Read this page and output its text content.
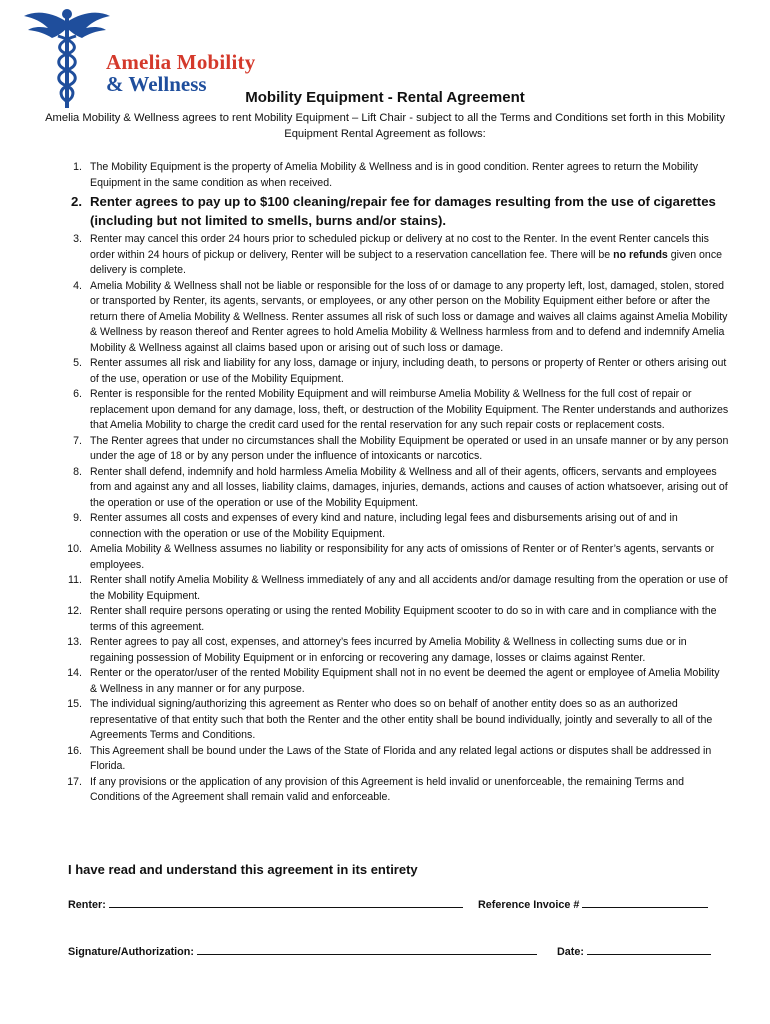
Amelia Mobility
& Wellness
Mobility Equipment - Rental Agreement
Amelia Mobility & Wellness agrees to rent Mobility Equipment – Lift Chair - subject to all the Terms and Conditions set forth in this Mobility Equipment Rental Agreement as follows:
1. The Mobility Equipment is the property of Amelia Mobility & Wellness and is in good condition. Renter agrees to return the Mobility Equipment in the same condition as when received.
2. Renter agrees to pay up to $100 cleaning/repair fee for damages resulting from the use of cigarettes (including but not limited to smells, burns and/or stains).
3. Renter may cancel this order 24 hours prior to scheduled pickup or delivery at no cost to the Renter. In the event Renter cancels this order within 24 hours of pickup or delivery, Renter will be subject to a reservation cancellation fee. There will be no refunds given once delivery is complete.
4. Amelia Mobility & Wellness shall not be liable or responsible for the loss of or damage to any property left, lost, damaged, stolen, stored or transported by Renter, its agents, servants, or employees, or any other person on the Mobility Equipment either before or after the return there of Amelia Mobility & Wellness. Renter assumes all risk of such loss or damage and waives all claims against Amelia Mobility & Wellness by reason thereof and Renter agrees to hold Amelia Mobility & Wellness harmless from and to defend and indemnify Amelia Mobility & Wellness against all claims based upon or arising out of such loss or damage.
5. Renter assumes all risk and liability for any loss, damage or injury, including death, to persons or property of Renter or others arising out of the use, operation or use of the Mobility Equipment.
6. Renter is responsible for the rented Mobility Equipment and will reimburse Amelia Mobility & Wellness for the full cost of repair or replacement upon demand for any damage, loss, theft, or destruction of the Mobility Equipment. The Renter understands and authorizes that Amelia Mobility to charge the credit card used for the rental reservation for any such repair costs or replacement costs.
7. The Renter agrees that under no circumstances shall the Mobility Equipment be operated or used in an unsafe manner or by any person under the age of 18 or by any person under the influence of intoxicants or narcotics.
8. Renter shall defend, indemnify and hold harmless Amelia Mobility & Wellness and all of their agents, officers, servants and employees from and against any and all losses, liability claims, damages, injuries, demands, actions and causes of action whatsoever, arising out of the operation or use of the operation or use of the Mobility Equipment.
9. Renter assumes all costs and expenses of every kind and nature, including legal fees and disbursements arising out of and in connection with the operation or use of the Mobility Equipment.
10. Amelia Mobility & Wellness assumes no liability or responsibility for any acts of omissions of Renter or of Renter’s agents, servants or employees.
11. Renter shall notify Amelia Mobility & Wellness immediately of any and all accidents and/or damage resulting from the operation or use of the Mobility Equipment.
12. Renter shall require persons operating or using the rented Mobility Equipment scooter to do so in with care and in compliance with the terms of this agreement.
13. Renter agrees to pay all cost, expenses, and attorney’s fees incurred by Amelia Mobility & Wellness in collecting sums due or in regaining possession of Mobility Equipment or in enforcing or recovering any damage, losses or claims against Renter.
14. Renter or the operator/user of the rented Mobility Equipment shall not in no event be deemed the agent or employee of Amelia Mobility & Wellness in any manner or for any purpose.
15. The individual signing/authorizing this agreement as Renter who does so on behalf of another entity does so as an authorized representative of that entity such that both the Renter and the other entity shall be bound individually, jointly and severally to all of the Agreements Terms and Conditions.
16. This Agreement shall be bound under the Laws of the State of Florida and any related legal actions or disputes shall be addressed in Florida.
17. If any provisions or the application of any provision of this Agreement is held invalid or unenforceable, the remaining Terms and Conditions of the Agreement shall remain valid and enforceable.
I have read and understand this agreement in its entirety
Renter:	Reference Invoice #
Signature/Authorization:	Date:
